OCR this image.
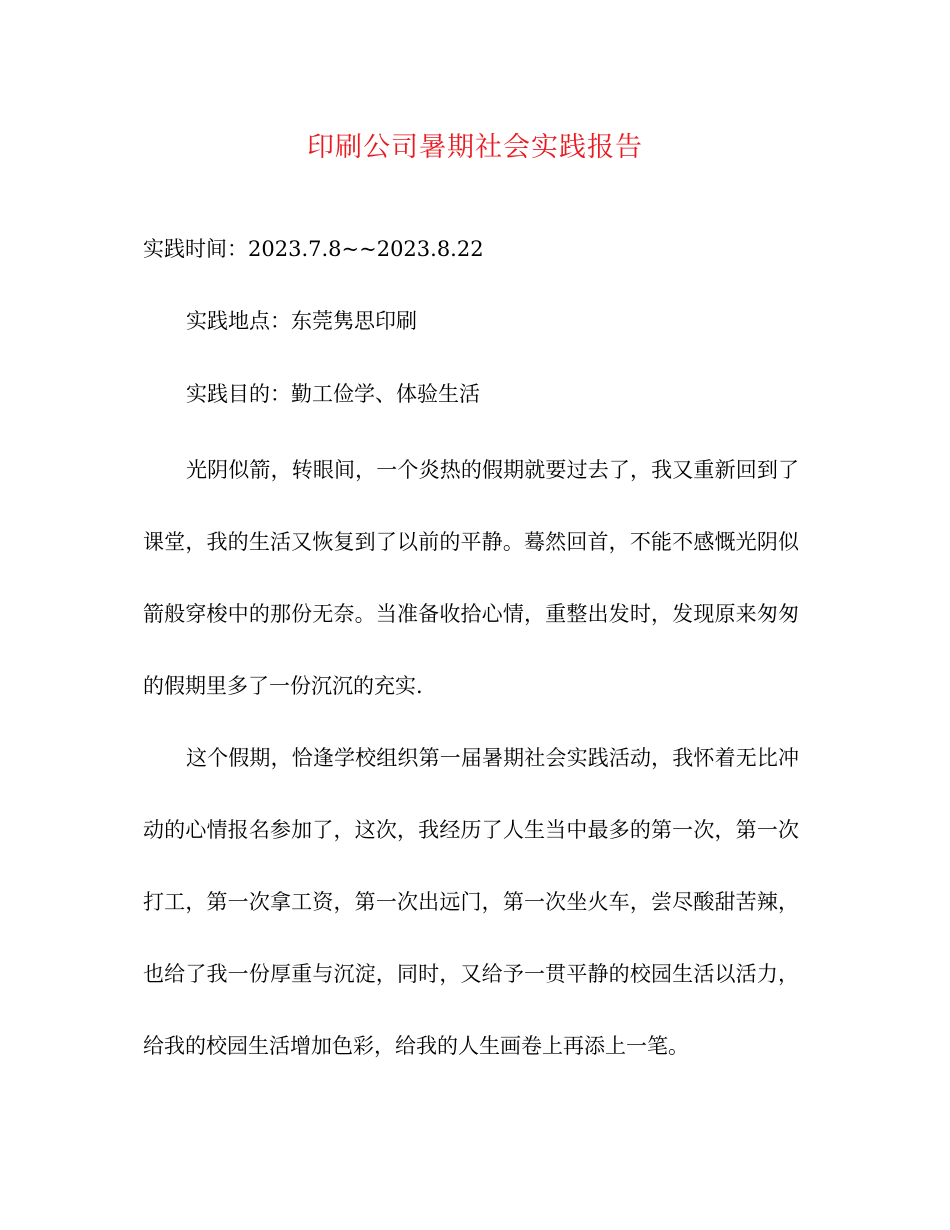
印刷公司暑期社会实践报告
实践时间：2023.7.8~~2023.8.22
实践地点：东莞隽思印刷
实践目的：勤工俭学、体验生活

光阴似箭，转眼间，一个炎热的假期就要过去了，我又重新回到了课堂，我的生活又恢复到了以前的平静。蓦然回首，不能不感慨光阴似箭般穿梭中的那份无奈。当准备收拾心情，重整出发时，发现原来匆匆的假期里多了一份沉沉的充实.

这个假期，恰逢学校组织第一届暑期社会实践活动，我怀着无比冲动的心情报名参加了，这次，我经历了人生当中最多的第一次，第一次打工，第一次拿工资，第一次出远门，第一次坐火车，尝尽酸甜苦辣，也给了我一份厚重与沉淀，同时，又给予一贯平静的校园生活以活力，给我的校园生活增加色彩，给我的人生画卷上再添上一笔。
